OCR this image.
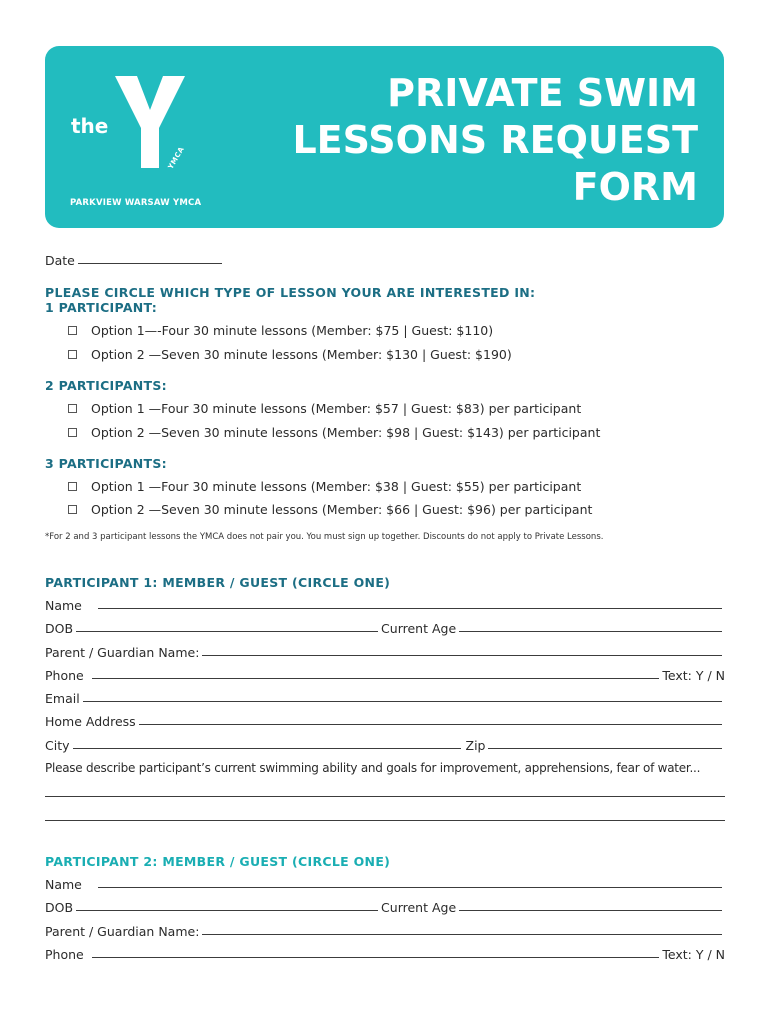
the
YMCA
PARKVIEW WARSAW YMCA
PRIVATE SWIM
LESSONS REQUEST
FORM
Date
PLEASE CIRCLE WHICH TYPE OF LESSON YOUR ARE INTERESTED IN:
1 PARTICIPANT:
Option 1—-Four 30 minute lessons (Member: $75 | Guest: $110)
Option 2 —Seven 30 minute lessons (Member: $130 | Guest: $190)
2 PARTICIPANTS:
Option 1 —Four 30 minute lessons (Member: $57 | Guest: $83) per participant
Option 2 —Seven 30 minute lessons (Member: $98 | Guest: $143) per participant
3 PARTICIPANTS:
Option 1 —Four 30 minute lessons (Member: $38 | Guest: $55) per participant
Option 2 —Seven 30 minute lessons (Member: $66 | Guest: $96) per participant
*For 2 and 3 participant lessons the YMCA does not pair you. You must sign up together. Discounts do not apply to Private Lessons.
PARTICIPANT 1: MEMBER / GUEST (CIRCLE ONE)
Name
DOB	Current Age
Parent / Guardian Name:
Phone	Text: Y / N
Email
Home Address
City	Zip
Please describe participant’s current swimming ability and goals for improvement, apprehensions, fear of water...
PARTICIPANT 2: MEMBER / GUEST (CIRCLE ONE)
Name
DOB	Current Age
Parent / Guardian Name:
Phone	Text: Y / N
